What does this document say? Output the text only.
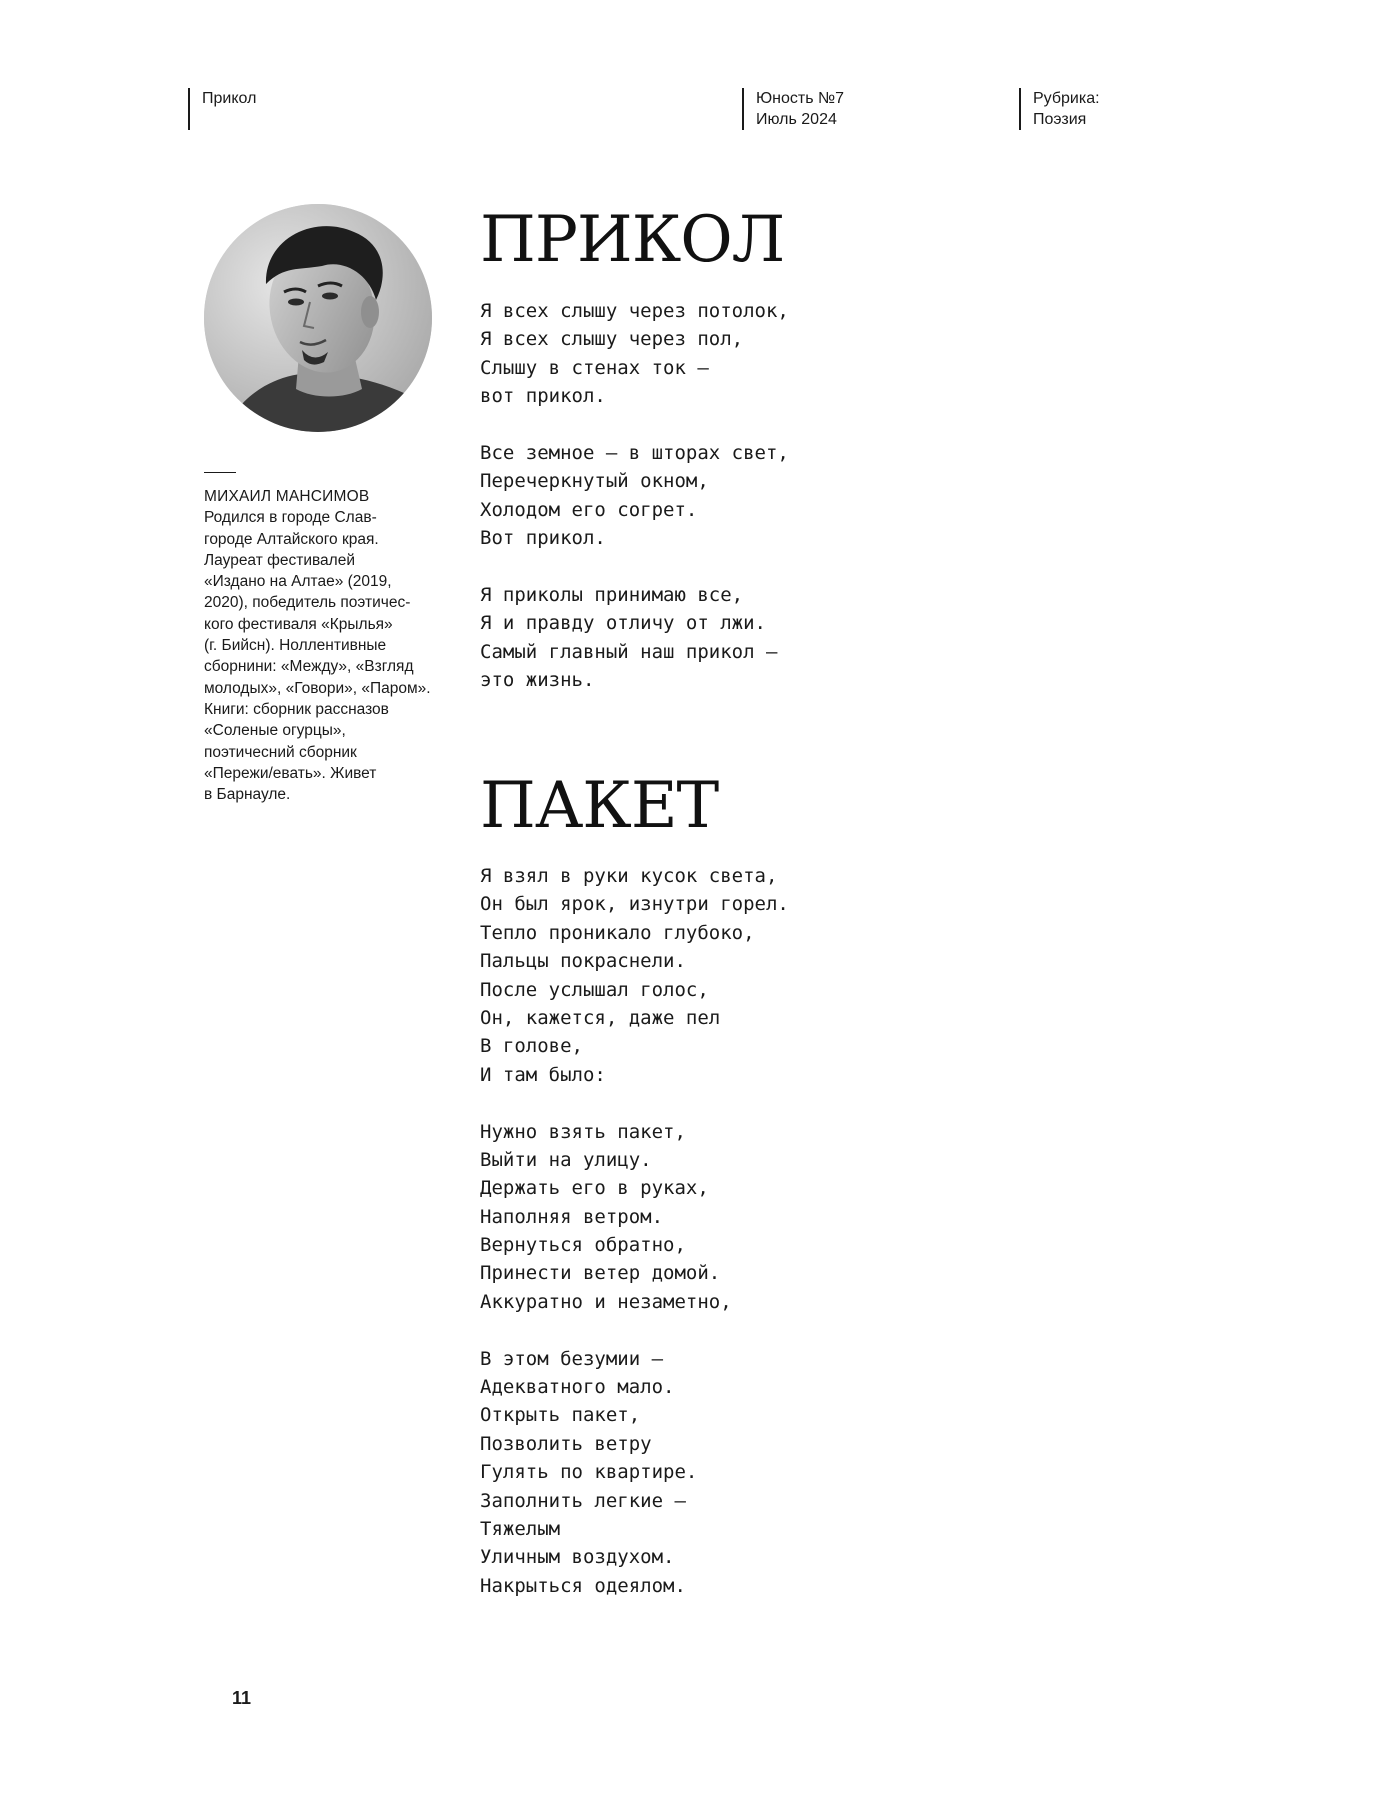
Прикол	Юность №7
Июль 2024
Рубрика:
Поэзия
МИХАИЛ МАНСИМОВ
Родился в городе Слав-
городе Алтайского края.
Лауреат фестивалей
«Издано на Алтае» (2019,
2020), победитель поэтичес-
кого фестиваля «Крылья»
(г. Бийсн). Ноллентивные
сборнини: «Между», «Взгляд
молодых», «Говори», «Паром».
Книги: сборник рассназов
«Соленые огурцы»,
поэтичесний сборник
«Пережи/евать». Живет
в Барнауле.
ПРИКОЛ
Я всех слышу через потолок,
Я всех слышу через пол,
Слышу в стенах ток –
вот прикол.
Все земное – в шторах свет,
Перечеркнутый окном,
Холодом его согрет.
Вот прикол.
Я приколы принимаю все,
Я и правду отличу от лжи.
Самый главный наш прикол –
это жизнь.
ПАКЕТ
Я взял в руки кусок света,
Он был ярок, изнутри горел.
Тепло проникало глубоко,
Пальцы покраснели.
После услышал голос,
Он, кажется, даже пел
В голове,
И там было:
Нужно взять пакет,
Выйти на улицу.
Держать его в руках,
Наполняя ветром.
Вернуться обратно,
Принести ветер домой.
Аккуратно и незаметно,
В этом безумии –
Адекватного мало.
Открыть пакет,
Позволить ветру
Гулять по квартире.
Заполнить легкие –
Тяжелым
Уличным воздухом.
Накрыться одеялом.
11
